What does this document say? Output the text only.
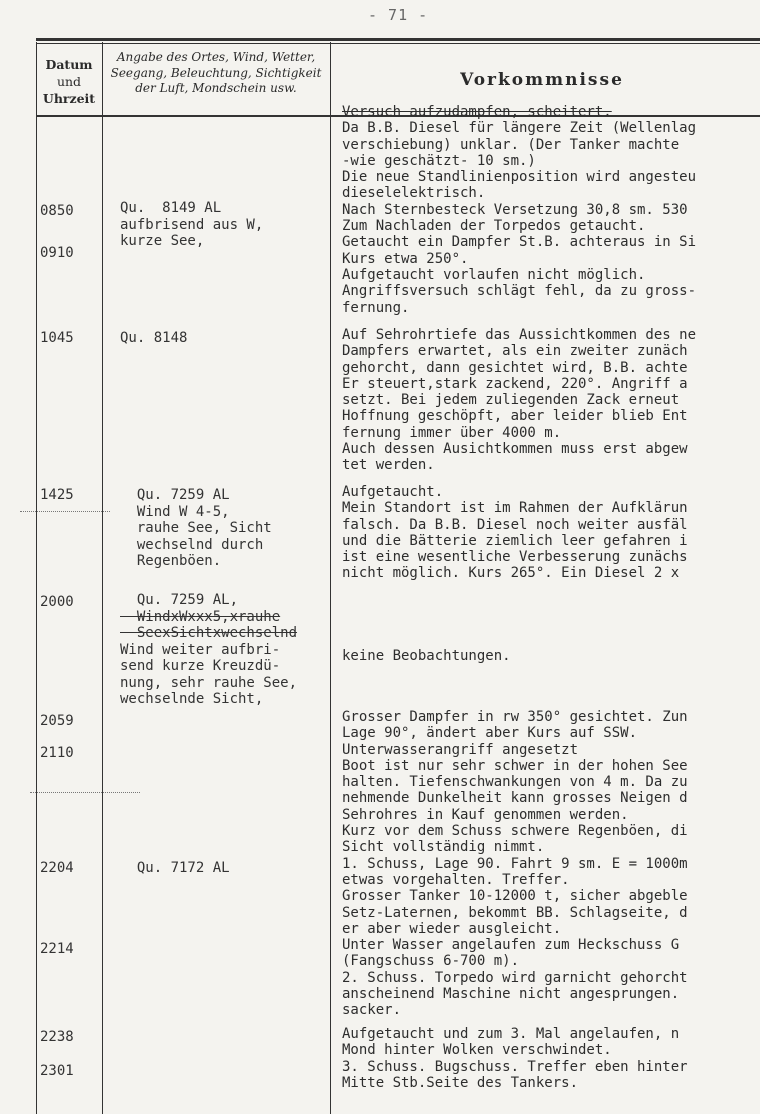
- 71 -
Datum
und
Uhrzeit
Angabe des Ortes, Wind, Wetter,
Seegang, Beleuchtung, Sichtigkeit
der Luft, Mondschein usw.	Vorkommnisse
0850
0910
1045
1425
2000
2059
2110
2204
2214
2238
2301
Qu.  8149 AL
aufbrisend aus W,
kurze See,
Qu. 8148
Qu. 7259 AL
Wind W 4-5,
rauhe See, Sicht
wechselnd durch
Regenböen.
Qu. 7259 AL,
WindxWxxx5,xrauhe
SeexSichtxwechselnd
Wind weiter aufbri-
send kurze Kreuzdü-
nung, sehr rauhe See,
wechselnde Sicht,
Qu. 7172 AL
Versuch aufzudampfen, scheitert.
Da B.B. Diesel für längere Zeit (Wellenlag
verschiebung) unklar. (Der Tanker machte
-wie geschätzt- 10 sm.)
Die neue Standlinienposition wird angesteu
dieselelektrisch.
Nach Sternbesteck Versetzung 30,8 sm. 530
Zum Nachladen der Torpedos getaucht.
Getaucht ein Dampfer St.B. achteraus in Si
Kurs etwa 250°.
Aufgetaucht vorlaufen nicht möglich.
Angriffsversuch schlägt fehl, da zu gross-
fernung.
Auf Sehrohrtiefe das Aussichtkommen des ne
Dampfers erwartet, als ein zweiter zunäch
gehorcht, dann gesichtet wird, B.B. achte
Er steuert,stark zackend, 220°. Angriff a
setzt. Bei jedem zuliegenden Zack erneut
Hoffnung geschöpft, aber leider blieb Ent
fernung immer über 4000 m.
Auch dessen Ausichtkommen muss erst abgew
tet werden.
Aufgetaucht.
Mein Standort ist im Rahmen der Aufklärun
falsch. Da B.B. Diesel noch weiter ausfäl
und die Bätterie ziemlich leer gefahren i
ist eine wesentliche Verbesserung zunächs
nicht möglich. Kurs 265°. Ein Diesel 2 x
keine Beobachtungen.
Grosser Dampfer in rw 350° gesichtet. Zun
Lage 90°, ändert aber Kurs auf SSW.
Unterwasserangriff angesetzt
Boot ist nur sehr schwer in der hohen See
halten. Tiefenschwankungen von 4 m. Da zu
nehmende Dunkelheit kann grosses Neigen d
Sehrohres in Kauf genommen werden.
Kurz vor dem Schuss schwere Regenböen, di
Sicht vollständig nimmt.
1. Schuss, Lage 90. Fahrt 9 sm. E = 1000m
etwas vorgehalten. Treffer.
Grosser Tanker 10-12000 t, sicher abgeble
Setz-Laternen, bekommt BB. Schlagseite, d
er aber wieder ausgleicht.
Unter Wasser angelaufen zum Heckschuss G
(Fangschuss 6-700 m).
2. Schuss. Torpedo wird garnicht gehorcht
anscheinend Maschine nicht angesprungen.
sacker.
Aufgetaucht und zum 3. Mal angelaufen, n
Mond hinter Wolken verschwindet.
3. Schuss. Bugschuss. Treffer eben hinter
Mitte Stb.Seite des Tankers.
